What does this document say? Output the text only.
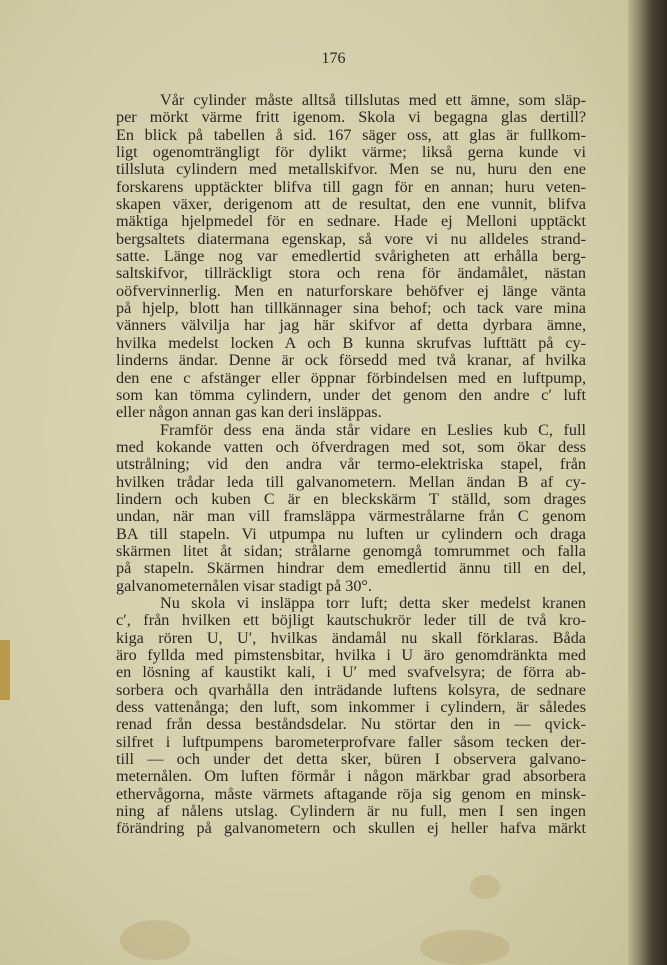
176
Vår cylinder måste alltså tillslutas med ett ämne, som släp-
per mörkt värme fritt igenom. Skola vi begagna glas dertill?
En blick på tabellen å sid. 167 säger oss, att glas är fullkom-
ligt ogenomträngligt för dylikt värme; likså gerna kunde vi
tillsluta cylindern med metallskifvor. Men se nu, huru den ene
forskarens upptäckter blifva till gagn för en annan; huru veten-
skapen växer, derigenom att de resultat, den ene vunnit, blifva
mäktiga hjelpmedel för en sednare. Hade ej Melloni upptäckt
bergsaltets diatermana egenskap, så vore vi nu alldeles strand-
satte. Länge nog var emedlertid svårigheten att erhålla berg-
saltskifvor, tillräckligt stora och rena för ändamålet, nästan
oöfvervinnerlig. Men en naturforskare behöfver ej länge vänta
på hjelp, blott han tillkännager sina behof; och tack vare mina
vänners välvilja har jag här skifvor af detta dyrbara ämne,
hvilka medelst locken A och B kunna skrufvas lufttätt på cy-
linderns ändar. Denne är ock försedd med två kranar, af hvilka
den ene c afstänger eller öppnar förbindelsen med en luftpump,
som kan tömma cylindern, under det genom den andre c′ luft
eller någon annan gas kan deri insläppas.
Framför dess ena ända står vidare en Leslies kub C, full
med kokande vatten och öfverdragen med sot, som ökar dess
utstrålning; vid den andra vår termo-elektriska stapel, från
hvilken trådar leda till galvanometern. Mellan ändan B af cy-
lindern och kuben C är en bleckskärm T ställd, som drages
undan, när man vill framsläppa värmestrålarne från C genom
BA till stapeln. Vi utpumpa nu luften ur cylindern och draga
skärmen litet åt sidan; strålarne genomgå tomrummet och falla
på stapeln. Skärmen hindrar dem emedlertid ännu till en del,
galvanometernålen visar stadigt på 30°.
Nu skola vi insläppa torr luft; detta sker medelst kranen
c′, från hvilken ett böjligt kautschukrör leder till de två kro-
kiga rören U, U′, hvilkas ändamål nu skall förklaras. Båda
äro fyllda med pimstensbitar, hvilka i U äro genomdränkta med
en lösning af kaustikt kali, i U′ med svafvelsyra; de förra ab-
sorbera och qvarhålla den inträdande luftens kolsyra, de sednare
dess vattenånga; den luft, som inkommer i cylindern, är således
renad från dessa beståndsdelar. Nu störtar den in — qvick-
silfret i luftpumpens barometerprofvare faller såsom tecken der-
till — och under det detta sker, büren I observera galvano-
meternålen. Om luften förmår i någon märkbar grad absorbera
ethervågorna, måste värmets aftagande röja sig genom en minsk-
ning af nålens utslag. Cylindern är nu full, men I sen ingen
förändring på galvanometern och skullen ej heller hafva märkt
